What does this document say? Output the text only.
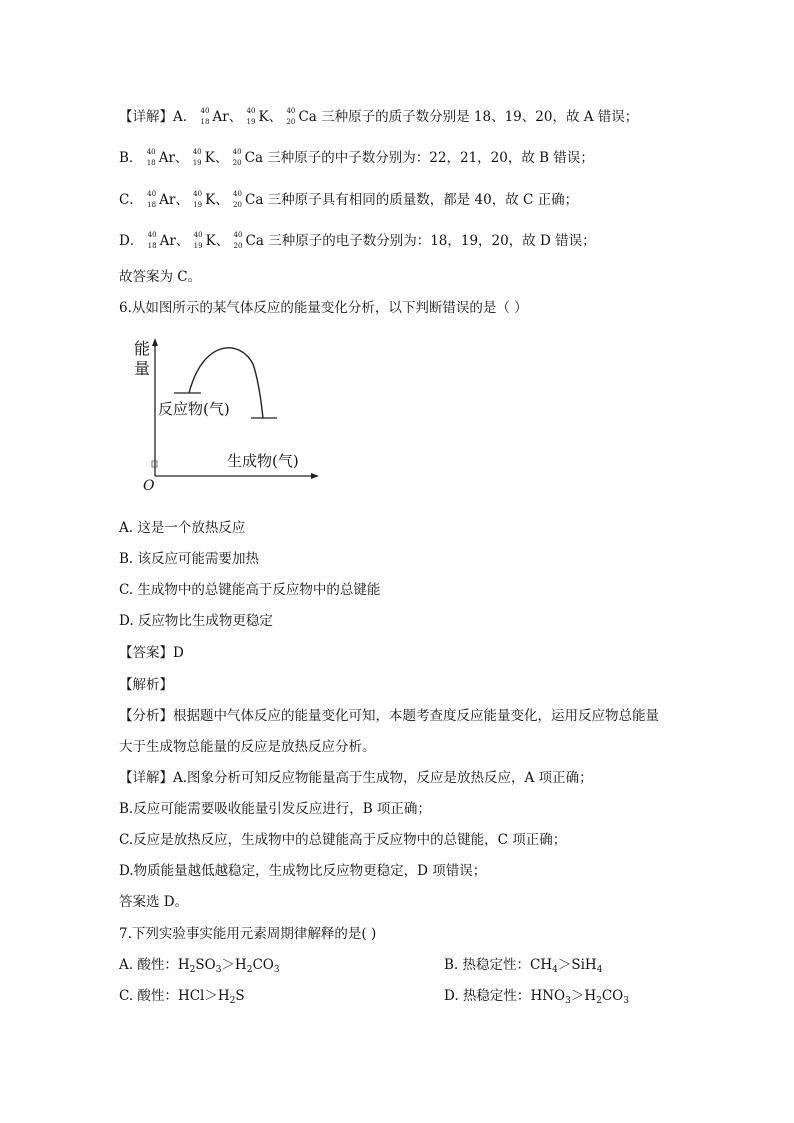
【详解】A． 40
18 Ar、 40
19 K、 40
20 Ca 三种原子的质子数分别是 18、19、20，故 A 错误；
B． 40
18 Ar、 40
19 K、 40
20 Ca 三种原子的中子数分别为：22，21，20，故 B 错误；
C． 40
18 Ar、 40
19 K、 40
20 Ca 三种原子具有相同的质量数，都是 40，故 C 正确；
D． 40
18 Ar、 40
19 K、 40
20 Ca 三种原子的电子数分别为：18，19，20，故 D 错误；
故答案为 C。
6.从如图所示的某气体反应的能量变化分析，以下判断错误的是（ ）
能
量
O
反应物(气)
生成物(气)
A. 这是一个放热反应
B. 该反应可能需要加热
C. 生成物中的总键能高于反应物中的总键能
D. 反应物比生成物更稳定
【答案】D
【解析】
【分析】根据题中气体反应的能量变化可知，本题考查度反应能量变化，运用反应物总能量
大于生成物总能量的反应是放热反应分析。
【详解】A.图象分析可知反应物能量高于生成物，反应是放热反应，A 项正确；
B.反应可能需要吸收能量引发反应进行，B 项正确；
C.反应是放热反应，生成物中的总键能高于反应物中的总键能，C 项正确；
D.物质能量越低越稳定，生成物比反应物更稳定，D 项错误；
答案选 D。
7.下列实验事实能用元素周期律解释的是( )
A. 酸性：$H_2SO_3>H_2CO_3$	B. 热稳定性：$CH_4>SiH_4$
C. 酸性：$HCl>H_2S$	D. 热稳定性：$HNO_3>H_2CO_3$
